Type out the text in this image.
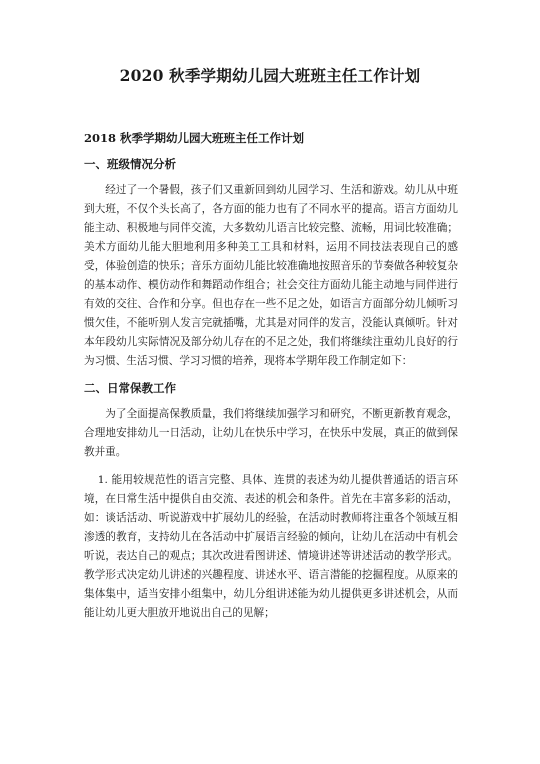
2020 秋季学期幼儿园大班班主任工作计划
2018 秋季学期幼儿园大班班主任工作计划
一、班级情况分析

经过了一个暑假，孩子们又重新回到幼儿园学习、生活和游戏。幼儿从中班到大班，不仅个头长高了，各方面的能力也有了不同水平的提高。语言方面幼儿能主动、积极地与同伴交流，大多数幼儿语言比较完整、流畅，用词比较准确；美术方面幼儿能大胆地利用多种美工工具和材料，运用不同技法表现自己的感受，体验创造的快乐；音乐方面幼儿能比较准确地按照音乐的节奏做各种较复杂的基本动作、模仿动作和舞蹈动作组合；社会交往方面幼儿能主动地与同伴进行有效的交往、合作和分享。但也存在一些不足之处，如语言方面部分幼儿倾听习惯欠佳，不能听别人发言完就插嘴，尤其是对同伴的发言，没能认真倾听。针对本年段幼儿实际情况及部分幼儿存在的不足之处，我们将继续注重幼儿良好的行为习惯、生活习惯、学习习惯的培养，现将本学期年段工作制定如下：

二、日常保教工作

为了全面提高保教质量，我们将继续加强学习和研究，不断更新教育观念，合理地安排幼儿一日活动，让幼儿在快乐中学习，在快乐中发展，真正的做到保教并重。

1. 能用较规范性的语言完整、具体、连贯的表述为幼儿提供普通话的语言环境，在日常生活中提供自由交流、表述的机会和条件。首先在丰富多彩的活动，如：谈话活动、听说游戏中扩展幼儿的经验，在活动时教师将注重各个领域互相渗透的教育，支持幼儿在各活动中扩展语言经验的倾向，让幼儿在活动中有机会听说，表达自己的观点；其次改进看图讲述、情境讲述等讲述活动的教学形式。教学形式决定幼儿讲述的兴趣程度、讲述水平、语言潜能的挖掘程度。从原来的集体集中，适当安排小组集中，幼儿分组讲述能为幼儿提供更多讲述机会，从而能让幼儿更大胆放开地说出自己的见解；
